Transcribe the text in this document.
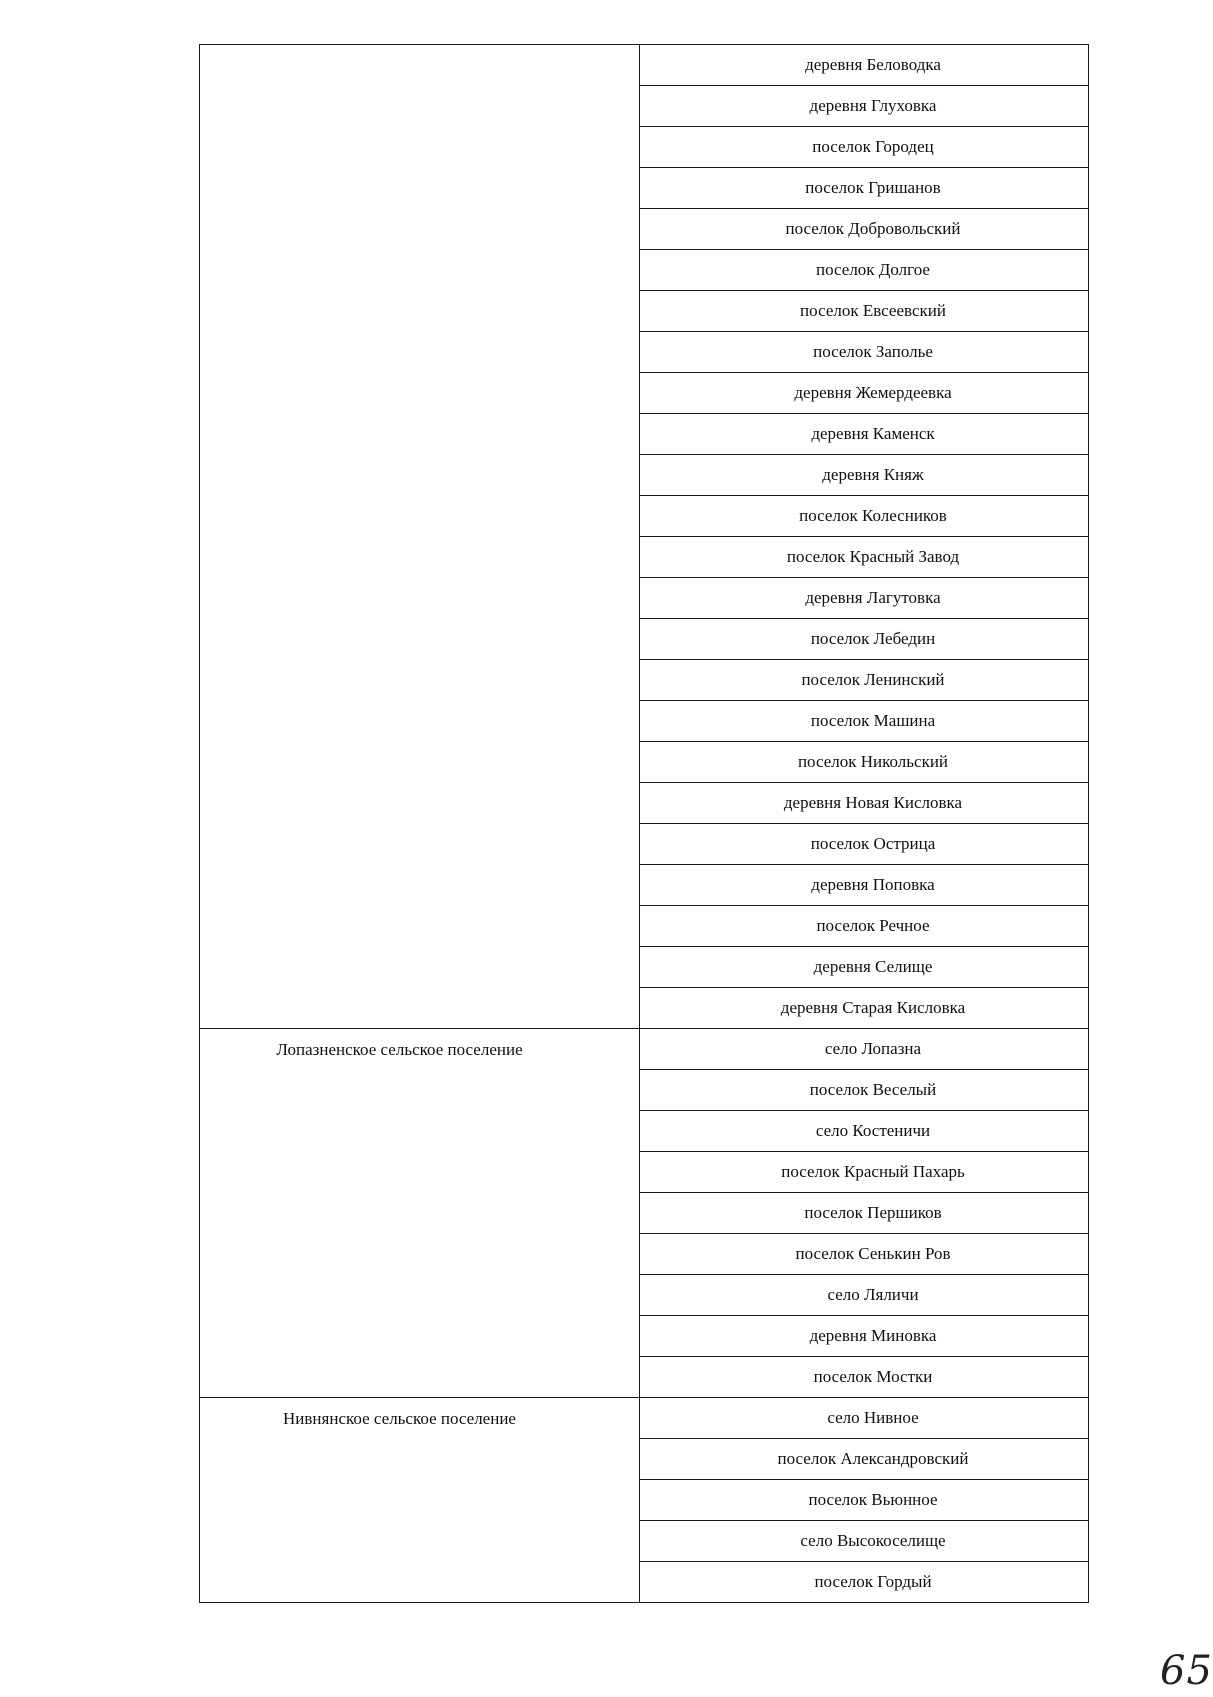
	деревня Беловодка
	деревня Глуховка
	поселок Городец
	поселок Гришанов
	поселок Добровольский
	поселок Долгое
	поселок Евсеевский
	поселок Заполье
	деревня Жемердеевка
	деревня Каменск
	деревня Княж
	поселок Колесников
	поселок Красный Завод
	деревня Лагутовка
	поселок Лебедин
	поселок Ленинский
	поселок Машина
	поселок Никольский
	деревня Новая Кисловка
	поселок Острица
	деревня Поповка
	поселок Речное
	деревня Селище
	деревня Старая Кисловка
Лопазненское сельское поселение	село Лопазна
	поселок Веселый
	село Костеничи
	поселок Красный Пахарь
	поселок Першиков
	поселок Сенькин Ров
	село Ляличи
	деревня Миновка
	поселок Мостки
Нивнянское сельское поселение	село Нивное
	поселок Александровский
	поселок Вьюнное
	село Высокоселище
	поселок Гордый
65
